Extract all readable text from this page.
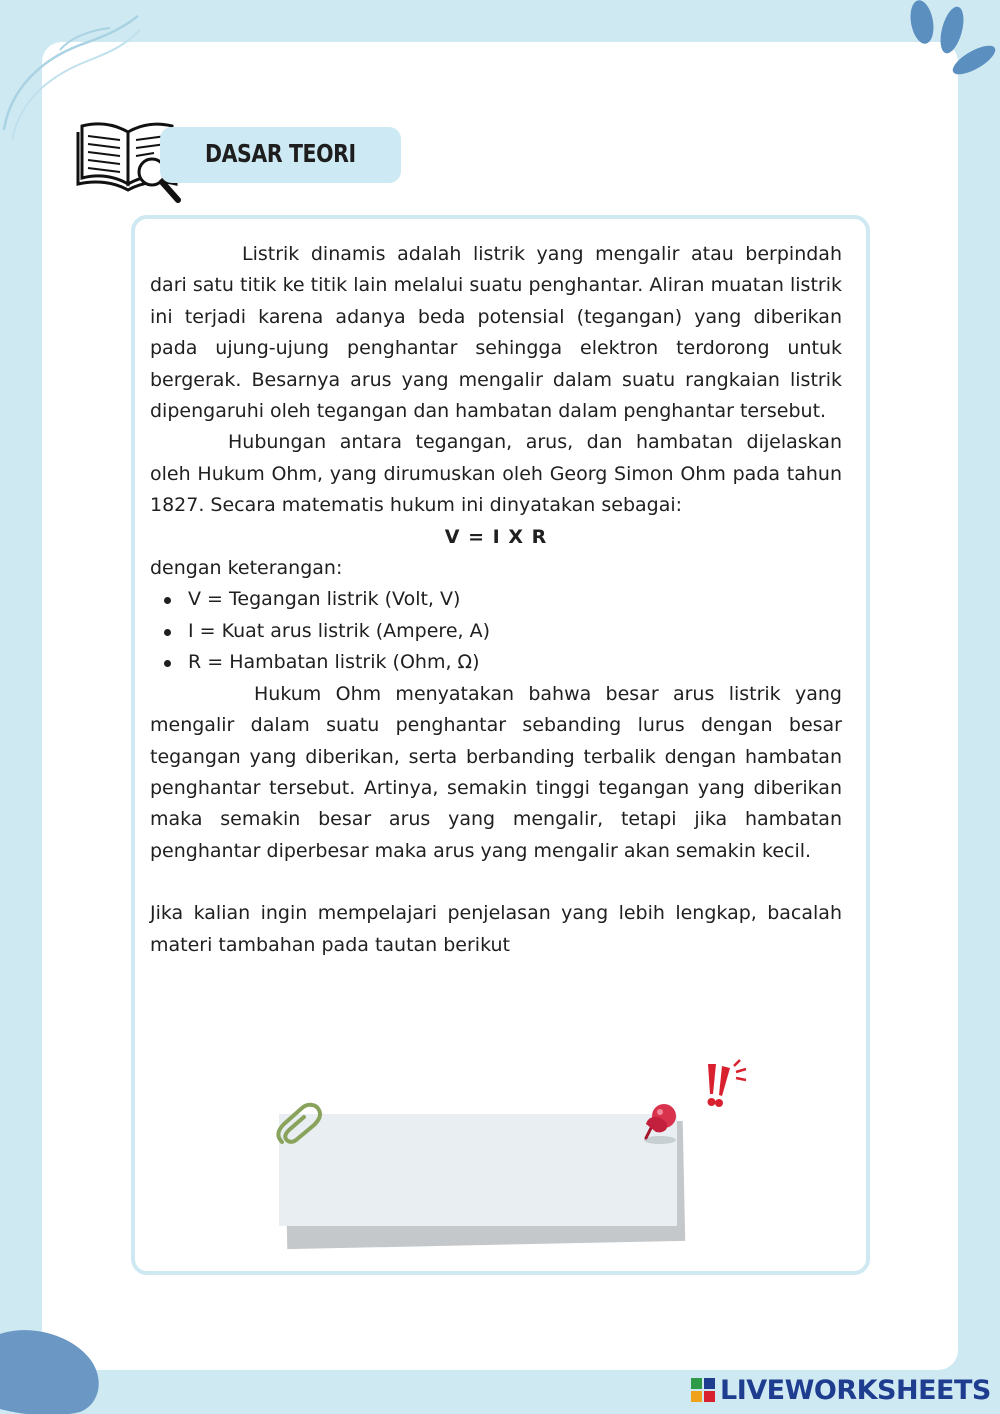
DASAR TEORI

Listrik dinamis adalah listrik yang mengalir atau berpindah dari satu titik ke titik lain melalui suatu penghantar. Aliran muatan listrik ini terjadi karena adanya beda potensial (tegangan) yang diberikan pada ujung-ujung penghantar sehingga elektron terdorong untuk bergerak. Besarnya arus yang mengalir dalam suatu rangkaian listrik dipengaruhi oleh tegangan dan hambatan dalam penghantar tersebut.

Hubungan antara tegangan, arus, dan hambatan dijelaskan oleh Hukum Ohm, yang dirumuskan oleh Georg Simon Ohm pada tahun 1827. Secara matematis hukum ini dinyatakan sebagai:

V = I X R

dengan keterangan:

V = Tegangan listrik (Volt, V)
I = Kuat arus listrik (Ampere, A)
R = Hambatan listrik (Ohm, Ω)

Hukum Ohm menyatakan bahwa besar arus listrik yang mengalir dalam suatu penghantar sebanding lurus dengan besar tegangan yang diberikan, serta berbanding terbalik dengan hambatan penghantar tersebut. Artinya, semakin tinggi tegangan yang diberikan maka semakin besar arus yang mengalir, tetapi jika hambatan penghantar diperbesar maka arus yang mengalir akan semakin kecil.

Jika kalian ingin mempelajari penjelasan yang lebih lengkap, bacalah materi tambahan pada tautan berikut

LIVEWORKSHEETS
